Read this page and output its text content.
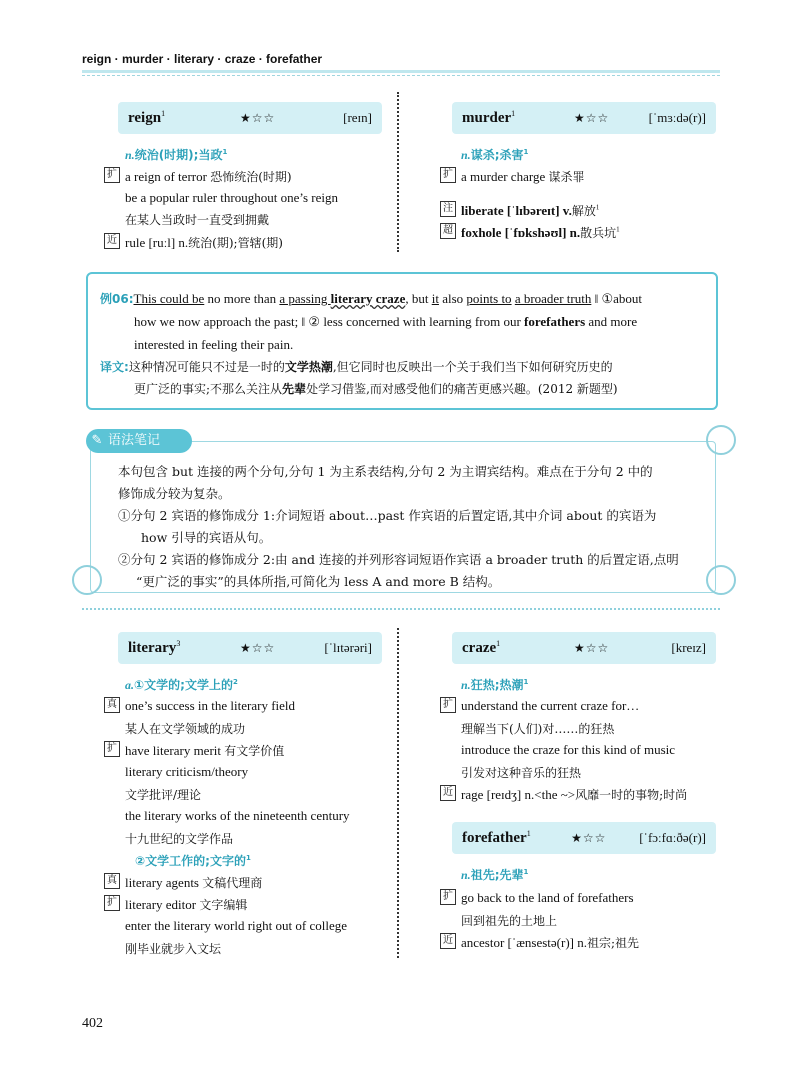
reign · murder · literary · craze · forefather
reign$^1$	★☆☆	[reɪn]
n.统治(时期);当政$^1$
扩 a reign of terror 恐怖统治(时期)
be a popular ruler throughout one’s reign
在某人当政时一直受到拥戴
近 rule [ruːl] n.统治(期);管辖(期)
murder$^1$	★☆☆	[ˈmɜːdə(r)]
n.谋杀;杀害$^1$
扩 a murder charge 谋杀罪
注 liberate [ˈlɪbəreɪt] v.解放$^1$
超 foxhole [ˈfɒkshəʊl] n.散兵坑$^1$
例06:This could be no more than a passing literary craze, but it also points to a broader truth ‖ ①about
how we now approach the past; ‖ ② less concerned with learning from our forefathers and more
interested in feeling their pain.
译文:这种情况可能只不过是一时的文学热潮,但它同时也反映出一个关于我们当下如何研究历史的
更广泛的事实;不那么关注从先辈处学习借鉴,而对感受他们的痛苦更感兴趣。(2012 新题型)
✎ 语法笔记
本句包含 but 连接的两个分句,分句 1 为主系表结构,分句 2 为主谓宾结构。难点在于分句 2 中的
修饰成分较为复杂。
①分句 2 宾语的修饰成分 1:介词短语 about…past 作宾语的后置定语,其中介词 about 的宾语为
how 引导的宾语从句。
②分句 2 宾语的修饰成分 2:由 and 连接的并列形容词短语作宾语 a broader truth 的后置定语,点明
“更广泛的事实”的具体所指,可简化为 less A and more B 结构。
literary$^3$	★☆☆	[ˈlɪtərəri]
a.①文学的;文学上的$^2$
真 one’s success in the literary field
某人在文学领域的成功
扩 have literary merit 有文学价值
literary criticism/theory
文学批评/理论
the literary works of the nineteenth century
十九世纪的文学作品
②文学工作的;文字的$^1$
真 literary agents 文稿代理商
扩 literary editor 文字编辑
enter the literary world right out of college
刚毕业就步入文坛
craze$^1$	★☆☆	[kreɪz]
n.狂热;热潮$^1$
扩 understand the current craze for…
理解当下(人们)对……的狂热
introduce the craze for this kind of music
引发对这种音乐的狂热
近 rage [reɪdʒ] n.<the ~>风靡一时的事物;时尚
forefather$^1$	★☆☆	[ˈfɔːfɑːðə(r)]
n.祖先;先辈$^1$
扩 go back to the land of forefathers
回到祖先的土地上
近 ancestor [ˈænsestə(r)] n.祖宗;祖先
402
